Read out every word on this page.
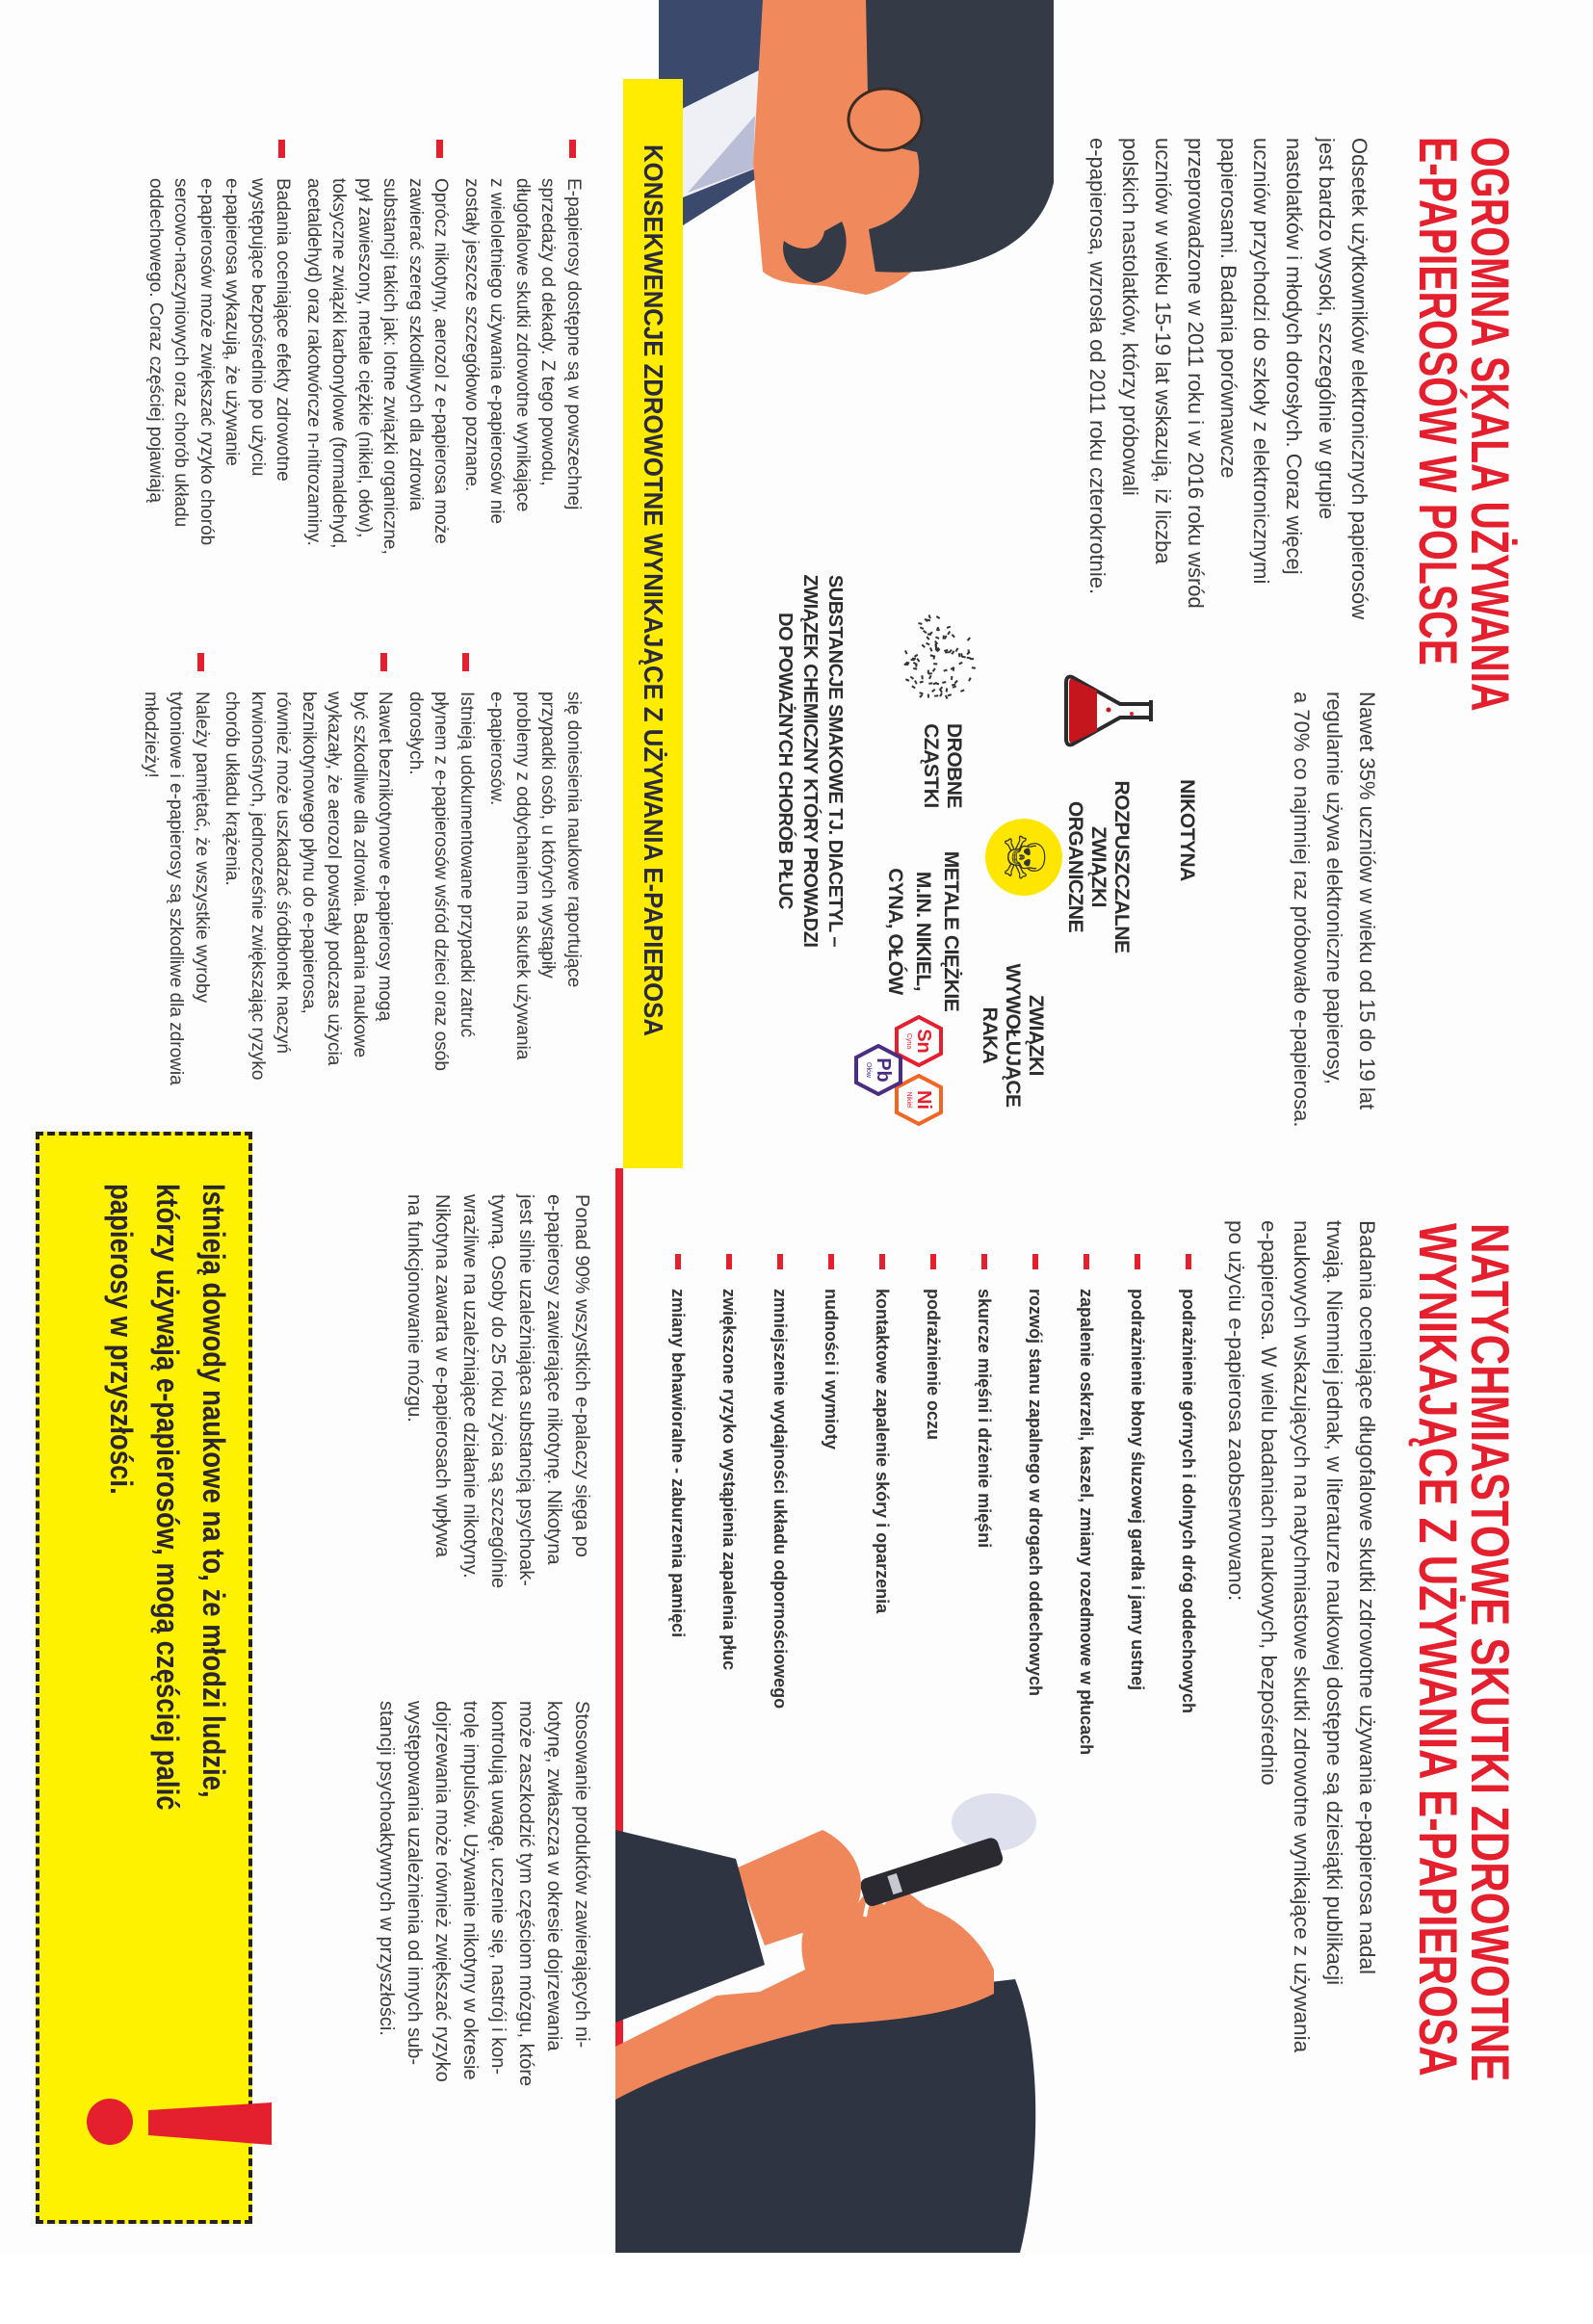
OGROMNA SKALA UŻYWANIA
E-PAPIEROSÓW W POLSCE
Odsetek użytkowników elektronicznych papierosów
jest bardzo wysoki, szczególnie w grupie
nastolatków i młodych dorosłych. Coraz więcej
uczniów przychodzi do szkoły z elektronicznymi
papierosami. Badania porównawcze
przeprowadzone w 2011 roku i w 2016 roku wśród
uczniów w wieku 15-19 lat wskazują, iż liczba
polskich nastolatków, którzy próbowali
e-papierosa, wzrosła od 2011 roku czterokrotnie.
Nawet 35% uczniów w wieku od 15 do 19 lat
regularnie używa elektroniczne papierosy,
a 70% co najmniej raz próbowało e-papierosa.
NIKOTYNA
ROZPUSZCZALNE
ZWIĄZKI ORGANICZNE
☠
ZWIĄZKI
WYWOŁUJĄCE RAKA
DROBNE
CZĄSTKI
METALE CIĘŻKIE
M.IN. NIKIEL,
CYNA, OŁÓW
Sn
Cyna
Ni
Nikiel
Pb
Ołów
SUBSTANCJE SMAKOWE TJ. DIACETYL –
ZWIĄZEK CHEMICZNY KTÓRY PROWADZI
DO POWAŻNYCH CHORÓB PŁUC
KONSEKWENCJE ZDROWOTNE WYNIKAJĄCE Z UŻYWANIA E-PAPIEROSA
E-papierosy dostępne są w powszechnej
sprzedaży od dekady. Z tego powodu,
długofalowe skutki zdrowotne wynikające
z wieloletniego używania e-papierosów nie
zostały jeszcze szczegółowo poznane.
Oprócz nikotyny, aerozol z e-papierosa może
zawierać szereg szkodliwych dla zdrowia
substancji takich jak: lotne związki organiczne,
pył zawieszony, metale ciężkie (nikiel, ołów),
toksyczne związki karbonylowe (formaldehyd,
acetaldehyd) oraz rakotwórcze n-nitrozaminy.
Badania oceniające efekty zdrowotne
występujące bezpośrednio po użyciu
e-papierosa wykazują, że używanie
e-papierosów może zwiększać ryzyko chorób
sercowo-naczyniowych oraz chorób układu
oddechowego. Coraz częściej pojawiają
się doniesienia naukowe raportujące
przypadki osób, u których wystąpiły
problemy z oddychaniem na skutek używania
e-papierosów.
Istnieją udokumentowane przypadki zatruć
płynem z e-papierosów wśród dzieci oraz osób
dorosłych.
Nawet beznikotynowe e-papierosy mogą
być szkodliwe dla zdrowia. Badania naukowe
wykazały, że aerozol powstały podczas użycia
beznikotynowego płynu do e-papierosa,
również może uszkadzać śródbłonek naczyń
krwionośnych, jednocześnie zwiększając ryzyko
chorób układu krążenia.
Należy pamiętać, że wszystkie wyroby
tytoniowe i e-papierosy są szkodliwe dla zdrowia
młodzieży!
NATYCHMIASTOWE SKUTKI ZDROWOTNE
WYNIKAJĄCE Z UŻYWANIA E-PAPIEROSA
Badania oceniające długofalowe skutki zdrowotne używania e-papierosa nadal
trwają. Niemniej jednak, w literaturze naukowej dostępne są dziesiątki publikacji
naukowych wskazujących na natychmiastowe skutki zdrowotne wynikające z używania
e-papierosa. W wielu badaniach naukowych, bezpośrednio
po użyciu e-papierosa zaobserwowano:
podrażnienie górnych i dolnych dróg oddechowych
podrażnienie błony śluzowej gardła i jamy ustnej
zapalenie oskrzeli, kaszel, zmiany rozedmowe w płucach
rozwój stanu zapalnego w drogach oddechowych
skurcze mięśni i drżenie mięśni
podrażnienie oczu
kontaktowe zapalenie skóry i oparzenia
nudności i wymioty
zmniejszenie wydajności układu odpornościowego
zwiększone ryzyko wystąpienia zapalenia płuc
zmiany behawioralne - zaburzenia pamięci
Ponad 90% wszystkich e-palaczy sięga po
e-papierosy zawierające nikotynę. Nikotyna
jest silnie uzależniająca substancją psychoak-
tywną. Osoby do 25 roku życia są szczególnie
wrażliwe na uzależniające działanie nikotyny.
Nikotyna zawarta w e-papierosach wpływa
na funkcjonowanie mózgu.
Stosowanie produktów zawierających ni-
kotynę, zwłaszcza w okresie dojrzewania
może zaszkodzić tym częściom mózgu, które
kontrolują uwagę, uczenie się, nastrój i kon-
trolę impulsów. Używanie nikotyny w okresie
dojrzewania może również zwiększać ryzyko
występowania uzależnienia od innych sub-
stancji psychoaktywnych w przyszłości.
Istnieją dowody naukowe na to, że młodzi ludzie,
którzy używają e-papierosów, mogą częściej palić
papierosy w przyszłości.
